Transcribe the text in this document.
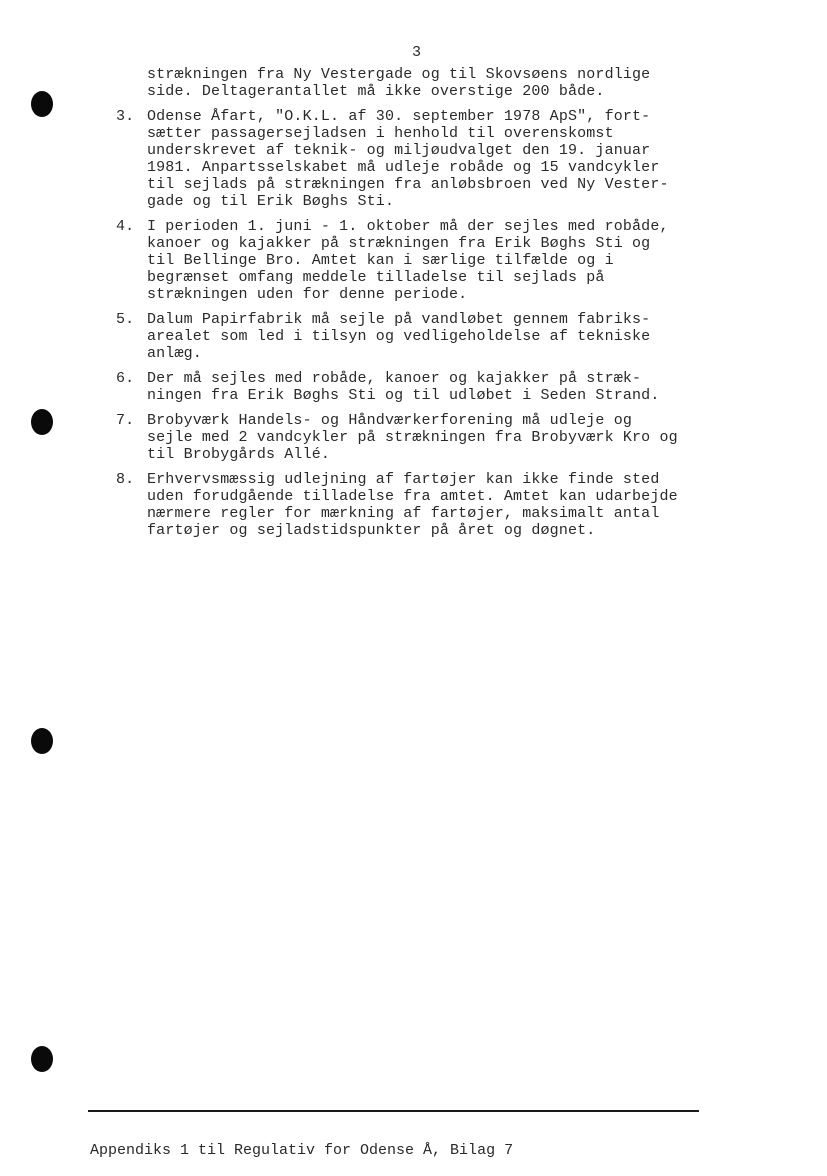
3
strækningen fra Ny Vestergade og til Skovsøens nordlige
side. Deltagerantallet må ikke overstige 200 både.
3. Odense Åfart, "O.K.L. af 30. september 1978 ApS", fort-
sætter passagersejladsen i henhold til overenskomst
underskrevet af teknik- og miljøudvalget den 19. januar
1981. Anpartsselskabet må udleje robåde og 15 vandcykler
til sejlads på strækningen fra anløbsbroen ved Ny Vester-
gade og til Erik Bøghs Sti.
4. I perioden 1. juni - 1. oktober må der sejles med robåde,
kanoer og kajakker på strækningen fra Erik Bøghs Sti og
til Bellinge Bro. Amtet kan i særlige tilfælde og i
begrænset omfang meddele tilladelse til sejlads på
strækningen uden for denne periode.
5. Dalum Papirfabrik må sejle på vandløbet gennem fabriks-
arealet som led i tilsyn og vedligeholdelse af tekniske
anlæg.
6. Der må sejles med robåde, kanoer og kajakker på stræk-
ningen fra Erik Bøghs Sti og til udløbet i Seden Strand.
7. Brobyværk Handels- og Håndværkerforening må udleje og
sejle med 2 vandcykler på strækningen fra Brobyværk Kro og
til Brobygårds Allé.
8. Erhvervsmæssig udlejning af fartøjer kan ikke finde sted
uden forudgående tilladelse fra amtet. Amtet kan udarbejde
nærmere regler for mærkning af fartøjer, maksimalt antal
fartøjer og sejladstidspunkter på året og døgnet.
Appendiks 1 til Regulativ for Odense Å, Bilag 7
